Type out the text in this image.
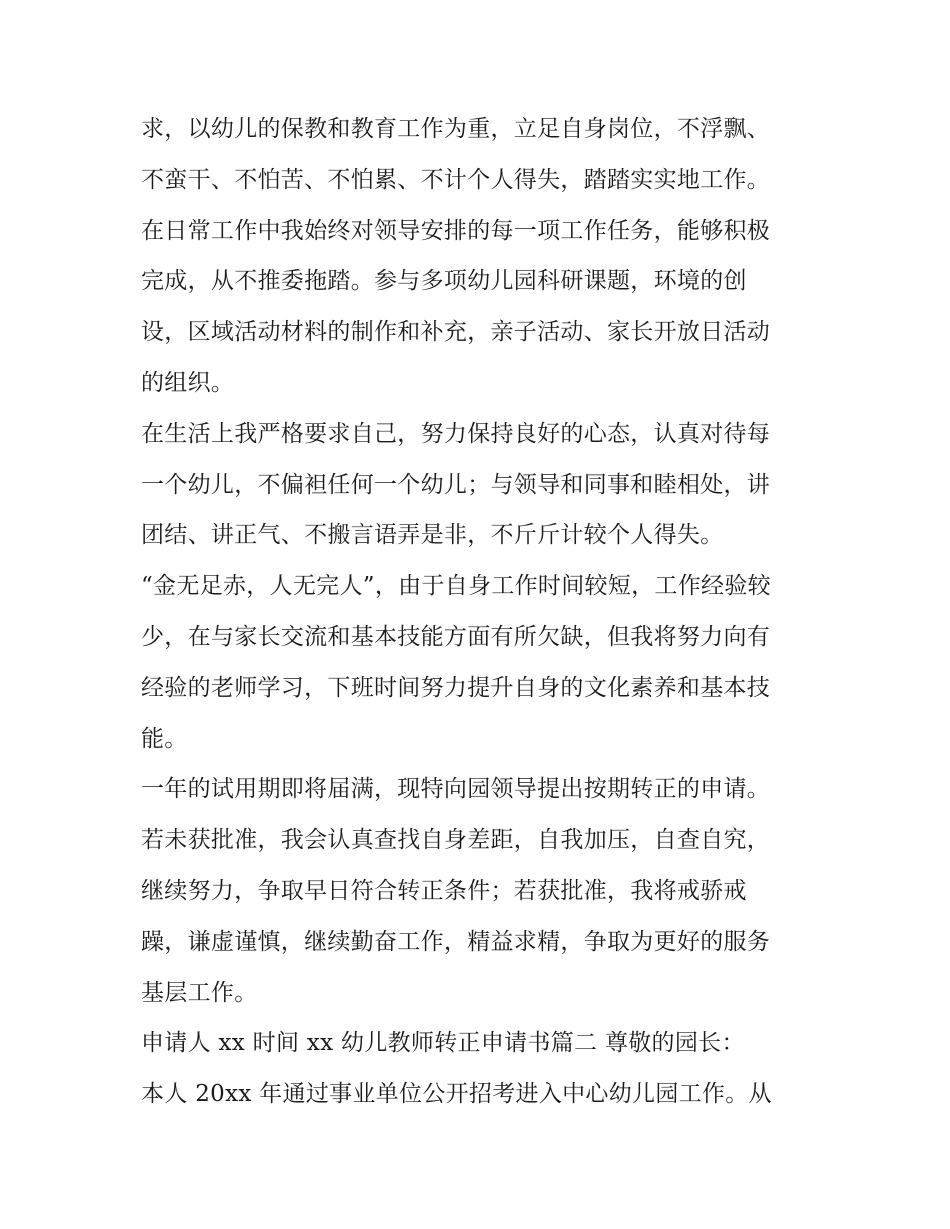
求，以幼儿的保教和教育工作为重，立足自身岗位，不浮飘、
不蛮干、不怕苦、不怕累、不计个人得失，踏踏实实地工作。
在日常工作中我始终对领导安排的每一项工作任务，能够积极
完成，从不推委拖踏。参与多项幼儿园科研课题，环境的创
设，区域活动材料的制作和补充，亲子活动、家长开放日活动
的组织。
在生活上我严格要求自己，努力保持良好的心态，认真对待每
一个幼儿，不偏袒任何一个幼儿；与领导和同事和睦相处，讲
团结、讲正气、不搬言语弄是非，不斤斤计较个人得失。
“金无足赤，人无完人”，由于自身工作时间较短，工作经验较
少，在与家长交流和基本技能方面有所欠缺，但我将努力向有
经验的老师学习，下班时间努力提升自身的文化素养和基本技
能。
一年的试用期即将届满，现特向园领导提出按期转正的申请。
若未获批准，我会认真查找自身差距，自我加压，自查自究，
继续努力，争取早日符合转正条件；若获批准，我将戒骄戒
躁，谦虚谨慎，继续勤奋工作，精益求精，争取为更好的服务
基层工作。
申请人 xx 时间 xx 幼儿教师转正申请书篇二 尊敬的园长：
本人 20xx 年通过事业单位公开招考进入中心幼儿园工作。从
